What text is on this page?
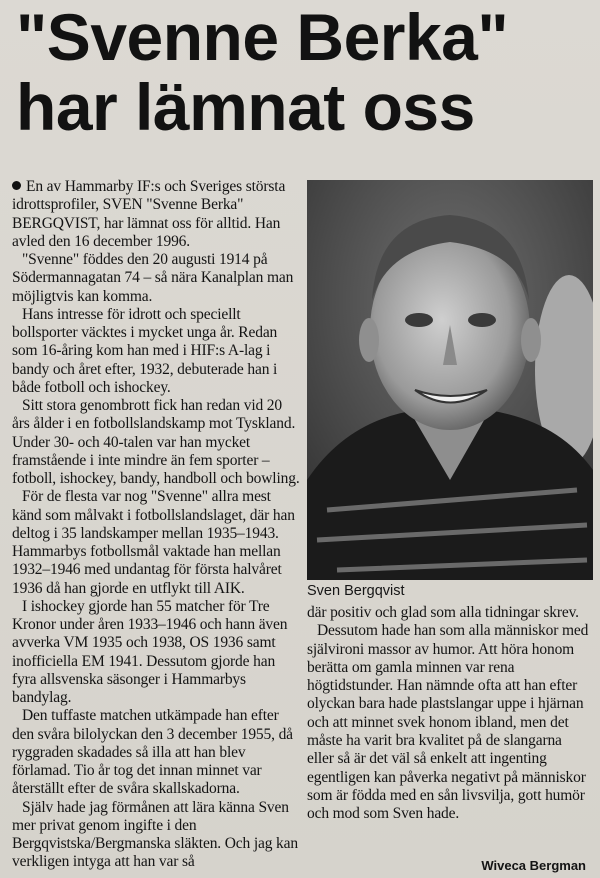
"Svenne Berka"
har lämnat oss

En av Hammarby IF:s och Sveriges största idrottsprofiler, SVEN "Svenne Berka" BERGQVIST, har lämnat oss för alltid. Han avled den 16 december 1996.

"Svenne" föddes den 20 augusti 1914 på Södermannagatan 74 – så nära Kanalplan man möjligtvis kan komma.

Hans intresse för idrott och speciellt bollsporter väcktes i mycket unga år. Redan som 16-åring kom han med i HIF:s A-lag i bandy och året efter, 1932, debuterade han i både fotboll och ishockey.

Sitt stora genombrott fick han redan vid 20 års ålder i en fotbollslandskamp mot Tyskland. Under 30- och 40-talen var han mycket framstående i inte mindre än fem sporter – fotboll, ishockey, bandy, handboll och bowling.

För de flesta var nog "Svenne" allra mest känd som målvakt i fotbollslandslaget, där han deltog i 35 landskamper mellan 1935–1943. Hammarbys fotbollsmål vaktade han mellan 1932–1946 med undantag för första halvåret 1936 då han gjorde en utflykt till AIK.

I ishockey gjorde han 55 matcher för Tre Kronor under åren 1933–1946 och hann även avverka VM 1935 och 1938, OS 1936 samt inofficiella EM 1941. Dessutom gjorde han fyra allsvenska säsonger i Hammarbys bandylag.

Den tuffaste matchen utkämpade han efter den svåra bilolyckan den 3 december 1955, då ryggraden skadades så illa att han blev förlamad. Tio år tog det innan minnet var återställt efter de svåra skallskadorna.

Själv hade jag förmånen att lära känna Sven mer privat genom ingifte i den Bergqvistska/Bergmanska släkten. Och jag kan verkligen intyga att han var så

Sven Bergqvist

där positiv och glad som alla tidningar skrev.

Dessutom hade han som alla människor med självironi massor av humor. Att höra honom berätta om gamla minnen var rena högtidstunder. Han nämnde ofta att han efter olyckan bara hade plastslangar uppe i hjärnan och att minnet svek honom ibland, men det måste ha varit bra kvalitet på de slangarna eller så är det väl så enkelt att ingenting egentligen kan påverka negativt på människor som är födda med en sån livsvilja, gott humör och mod som Sven hade.

Wiveca Bergman
